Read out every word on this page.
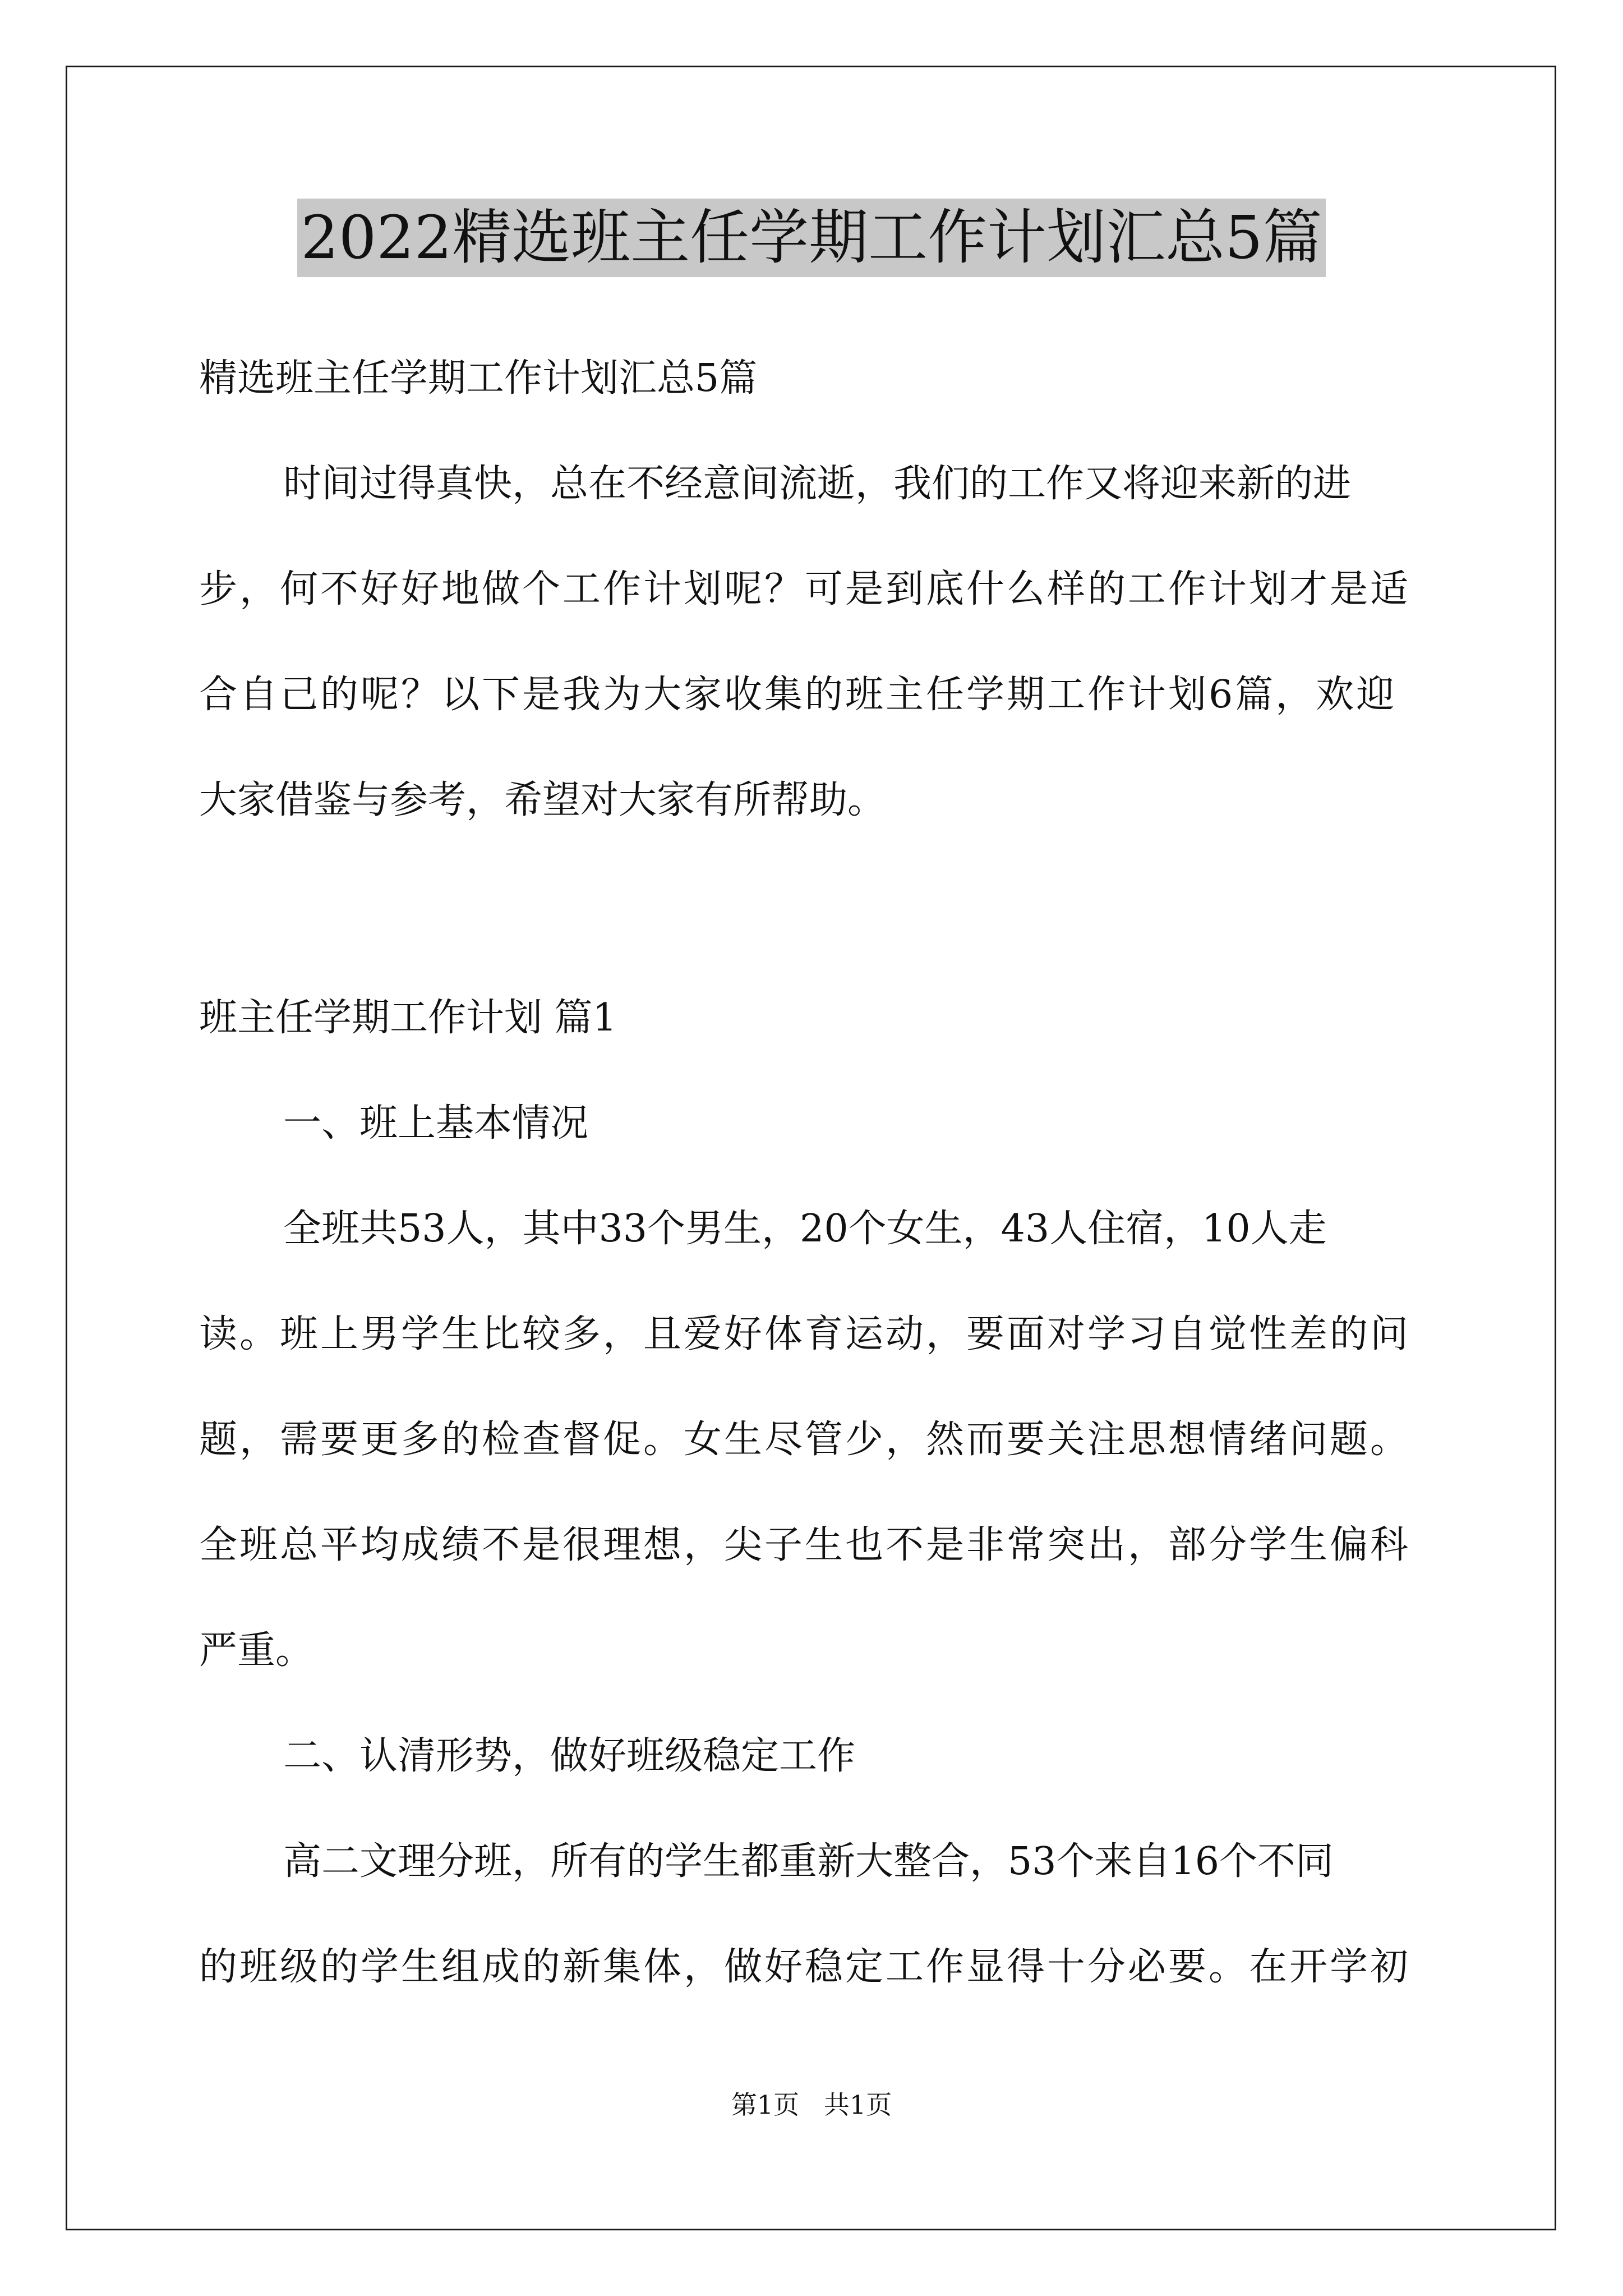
2022精选班主任学期工作计划汇总5篇
精选班主任学期工作计划汇总5篇
时间过得真快，总在不经意间流逝，我们的工作又将迎来新的进
步，何不好好地做个工作计划呢？可是到底什么样的工作计划才是适
合自己的呢？以下是我为大家收集的班主任学期工作计划6篇，欢迎
大家借鉴与参考，希望对大家有所帮助。
班主任学期工作计划 篇1
一、班上基本情况
全班共53人，其中33个男生，20个女生，43人住宿，10人走
读。班上男学生比较多，且爱好体育运动，要面对学习自觉性差的问
题，需要更多的检查督促。女生尽管少，然而要关注思想情绪问题。
全班总平均成绩不是很理想，尖子生也不是非常突出，部分学生偏科
严重。
二、认清形势，做好班级稳定工作
高二文理分班，所有的学生都重新大整合，53个来自16个不同
的班级的学生组成的新集体，做好稳定工作显得十分必要。在开学初
第1页   共1页
